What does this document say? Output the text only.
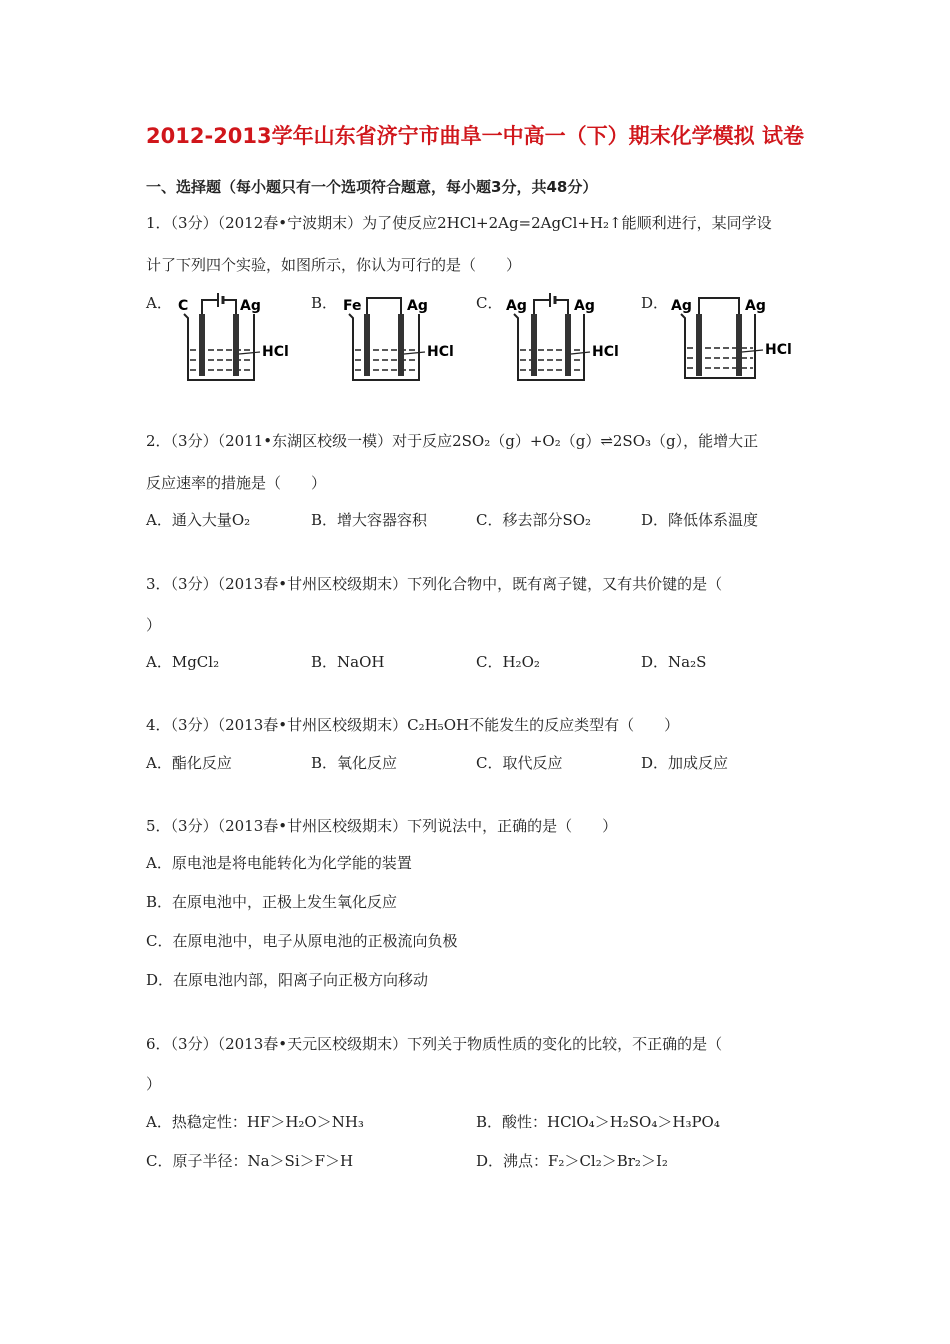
2012-2013学年山东省济宁市曲阜一中高一（下）期末化学模拟 试卷
一、选择题（每小题只有一个选项符合题意，每小题3分，共48分）
1．（3分）（2012春•宁波期末）为了使反应2HCl+2Ag=2AgCl+H₂↑能顺利进行，某同学设
计了下列四个实验，如图所示，你认为可行的是（　　）
A． C	Ag
HCl
B． Fe	Ag
HCl
C． Ag	Ag
HCl
D． Ag	Ag
HCl
2．（3分）（2011•东湖区校级一模）对于反应2SO₂（g）+O₂（g）⇌2SO₃（g），能增大正
反应速率的措施是（　　）
A．通入大量O₂	B．增大容器容积	C．移去部分SO₂	D．降低体系温度
3．（3分）（2013春•甘州区校级期末）下列化合物中，既有离子键，又有共价键的是（
）
A．MgCl₂	B．NaOH	C．H₂O₂	D．Na₂S
4．（3分）（2013春•甘州区校级期末）C₂H₅OH不能发生的反应类型有（　　）
A．酯化反应	B．氧化反应	C．取代反应	D．加成反应
5．（3分）（2013春•甘州区校级期末）下列说法中，正确的是（　　）
A．原电池是将电能转化为化学能的装置
B．在原电池中，正极上发生氧化反应
C．在原电池中，电子从原电池的正极流向负极
D．在原电池内部，阳离子向正极方向移动
6．（3分）（2013春•天元区校级期末）下列关于物质性质的变化的比较，不正确的是（
）
A．热稳定性：HF＞H₂O＞NH₃	B．酸性：HClO₄＞H₂SO₄＞H₃PO₄
C．原子半径：Na＞Si＞F＞H	D．沸点：F₂＞Cl₂＞Br₂＞I₂
